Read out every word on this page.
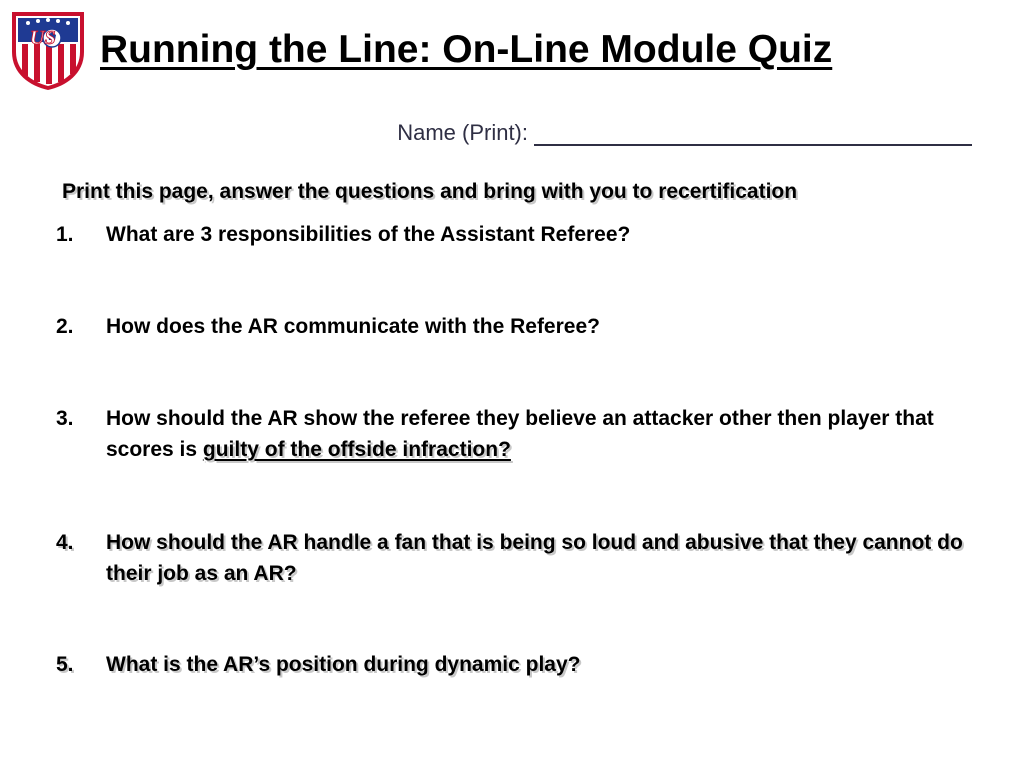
US Running the Line: On-Line Module Quiz
Name (Print):
Print this page, answer the questions and bring with you to recertification
1. What are 3 responsibilities of the Assistant Referee?
2. How does the AR communicate with the Referee?
3. How should the AR show the referee they believe an attacker other then player that scores is guilty of the offside infraction?
4. How should the AR handle a fan that is being so loud and abusive that they cannot do their job as an AR?
5. What is the AR’s position during dynamic play?
